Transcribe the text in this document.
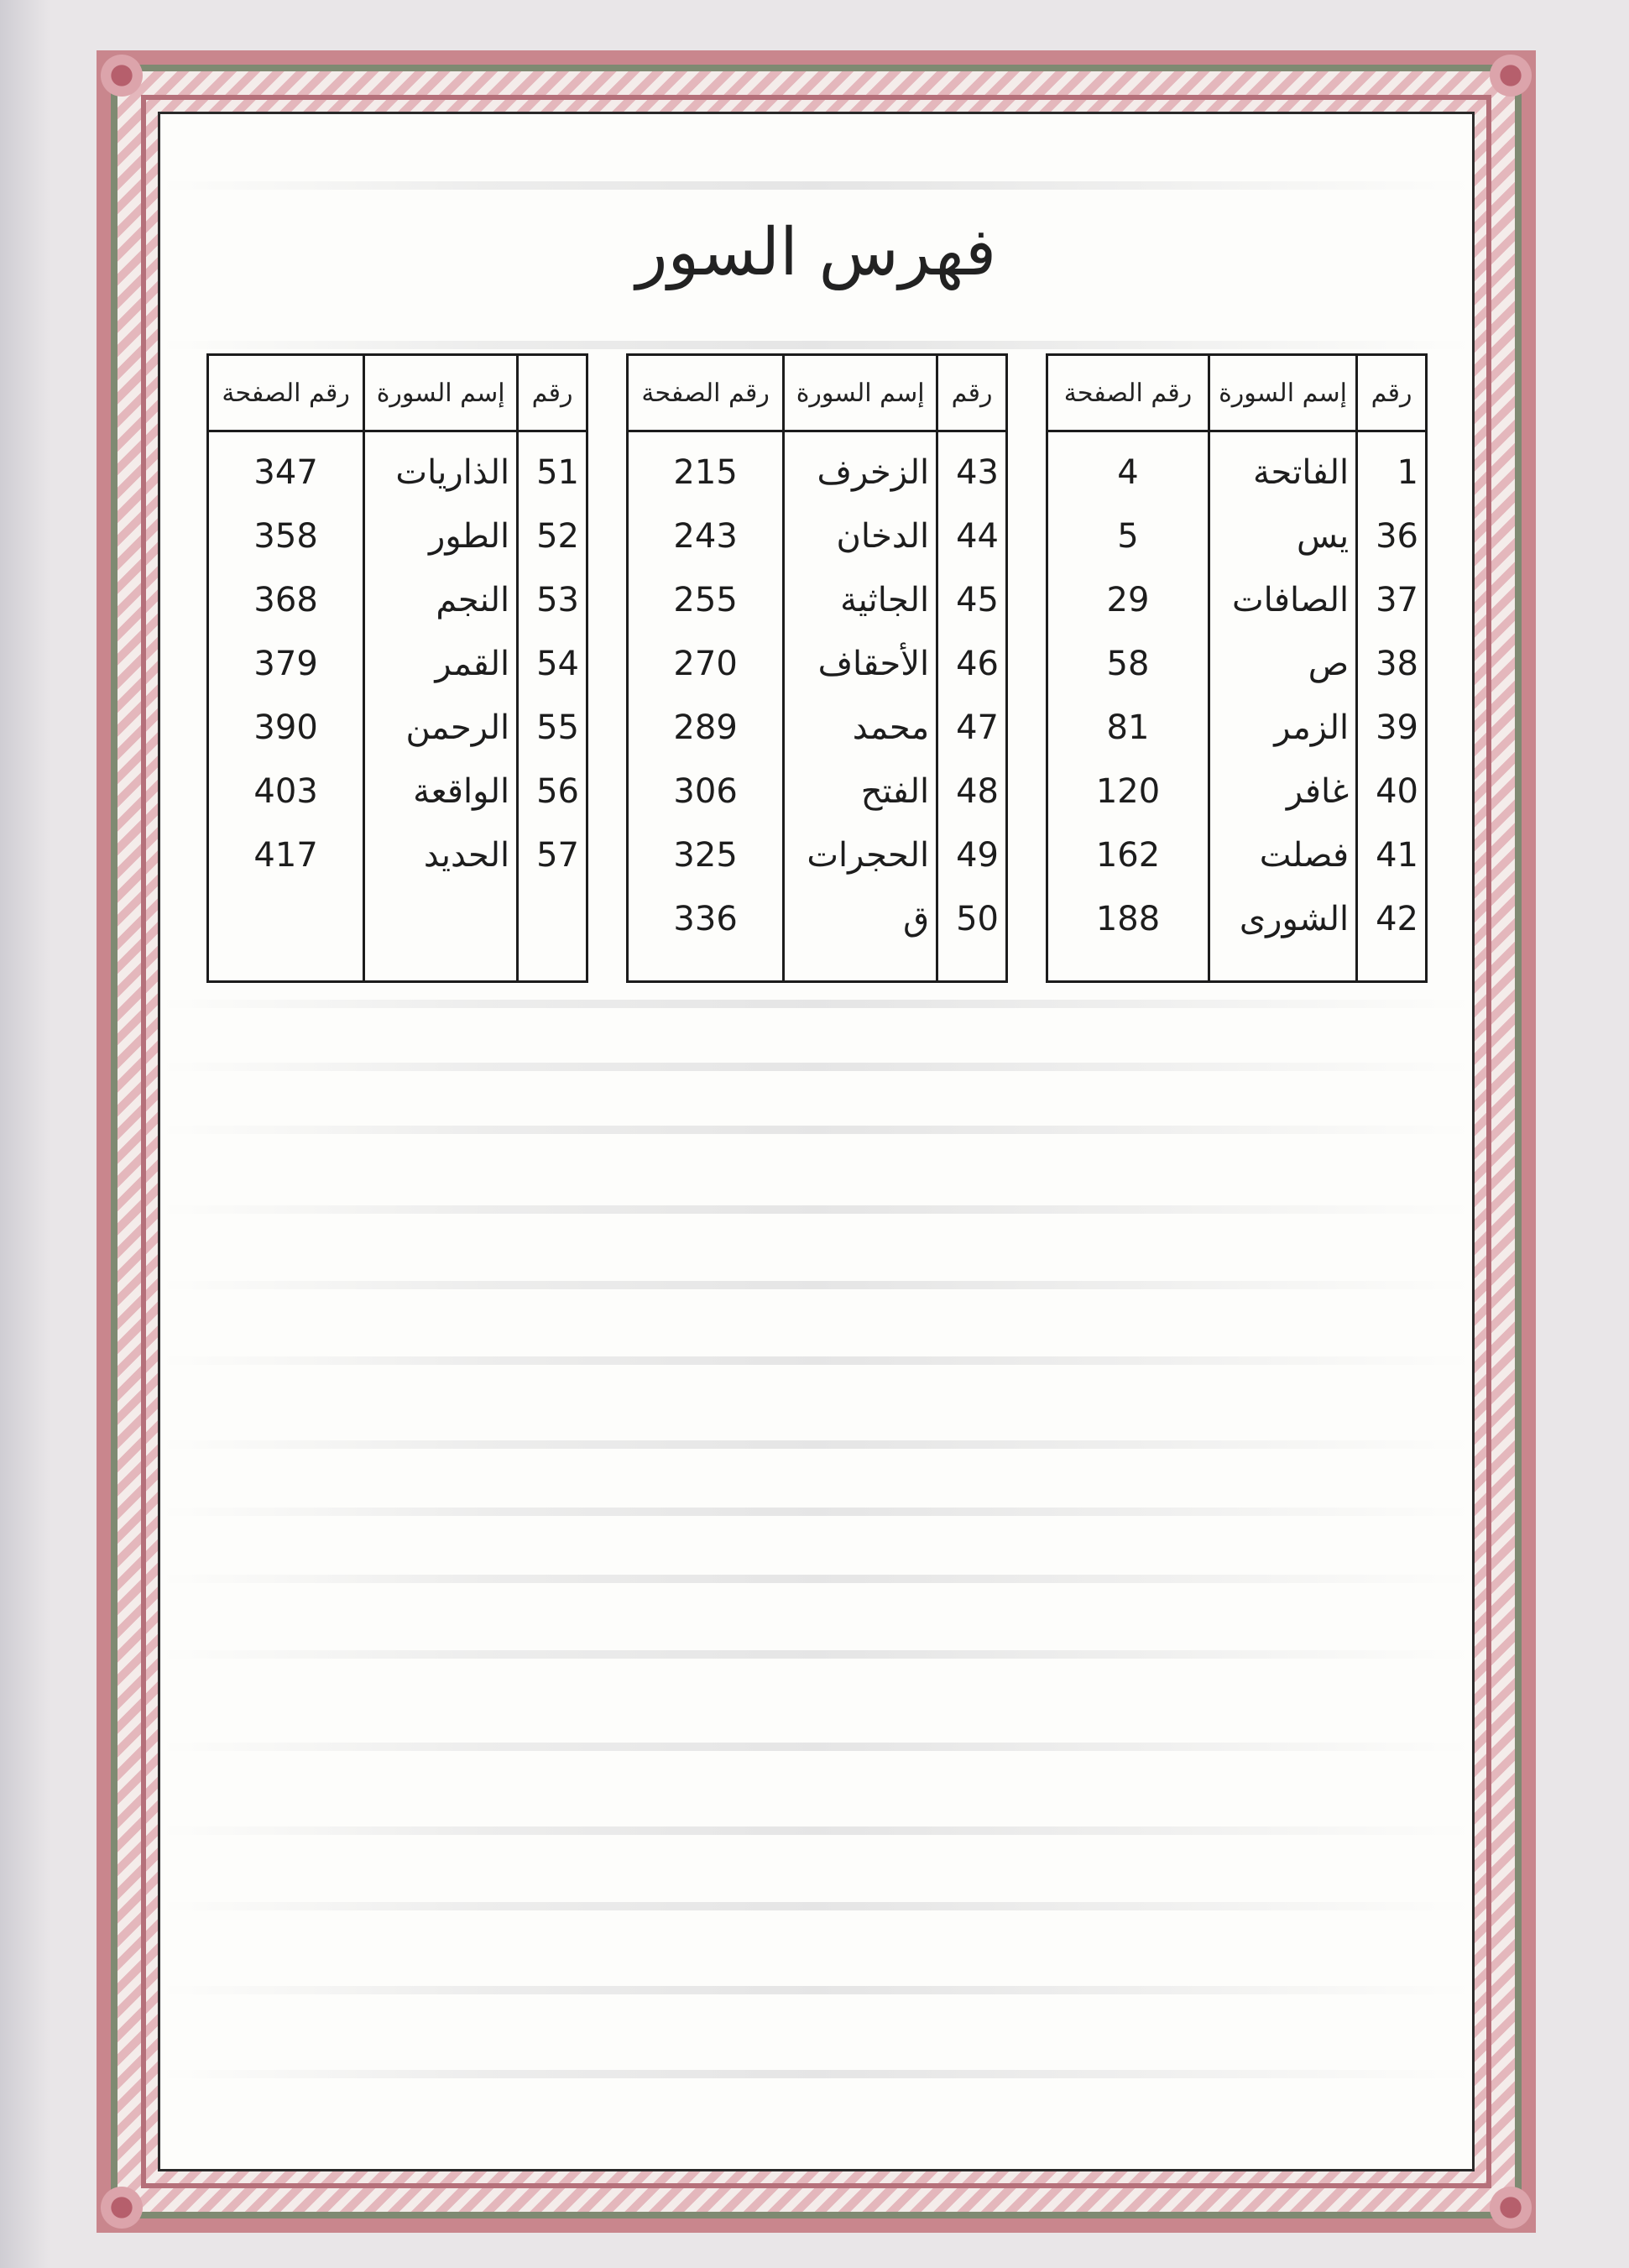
فهرس السور
رقم	إسم السورة	رقم الصفحة
1	الفاتحة	4
36	يس	5
37	الصافات	29
38	ص	58
39	الزمر	81
40	غافر	120
41	فصلت	162
42	الشورى	188

رقم	إسم السورة	رقم الصفحة
43	الزخرف	215
44	الدخان	243
45	الجاثية	255
46	الأحقاف	270
47	محمد	289
48	الفتح	306
49	الحجرات	325
50	ق	336

رقم	إسم السورة	رقم الصفحة
51	الذاريات	347
52	الطور	358
53	النجم	368
54	القمر	379
55	الرحمن	390
56	الواقعة	403
57	الحديد	417
